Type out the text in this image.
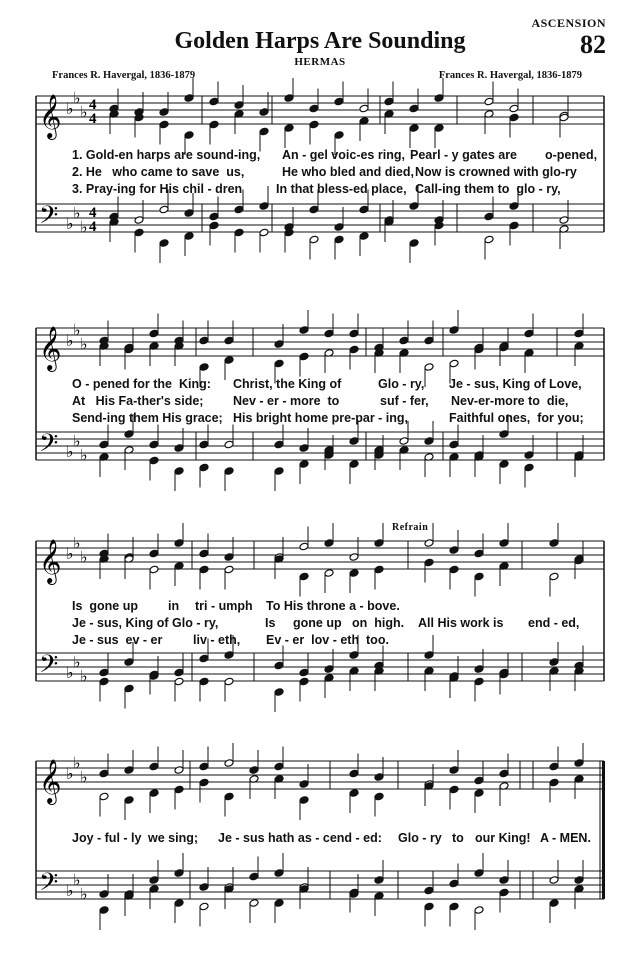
ASCENSION
82
Golden Harps Are Sounding
HERMAS
Frances R. Havergal, 1836-1879	Frances R. Havergal, 1836-1879
Refrain
𝄞
𝄢
♭
♭
♭
♭
♭
♭
4
4
4
4
𝄞
𝄢
♭
♭
♭
♭
♭
♭
𝄞
𝄢
♭
♭
♭
♭
♭
♭
𝄞
𝄢
♭
♭
♭
♭
♭
♭
1. Gold-en harps are sound-ing, An - gel voic-es ring, Pearl - y gates are o-pened,
2. He   who came to save  us,	He who bled and died, Now is crowned with glo-ry
3. Pray-ing for His chil - dren	In that bless-ed place, Call-ing them to  glo - ry,
O - pened for the  King: Christ, the King of	Glo - ry, Je - sus, King of Love,
At   His Fa-ther's side; Nev - er - more  to	suf - fer, Nev-er-more to  die,
Send-ing them His grace; His bright home pre-par - ing,	Faithful ones,  for you;
Is  gone up in tri - umph To His throne a - bove.
Je - sus, King of Glo - ry,	Is gone up on  high. All His work is end - ed,
Je - sus  ev - er liv - eth, Ev - er  lov - eth  too.
Joy - ful - ly we sing; Je - sus hath as - cend - ed: Glo - ry to our King! A - MEN.
